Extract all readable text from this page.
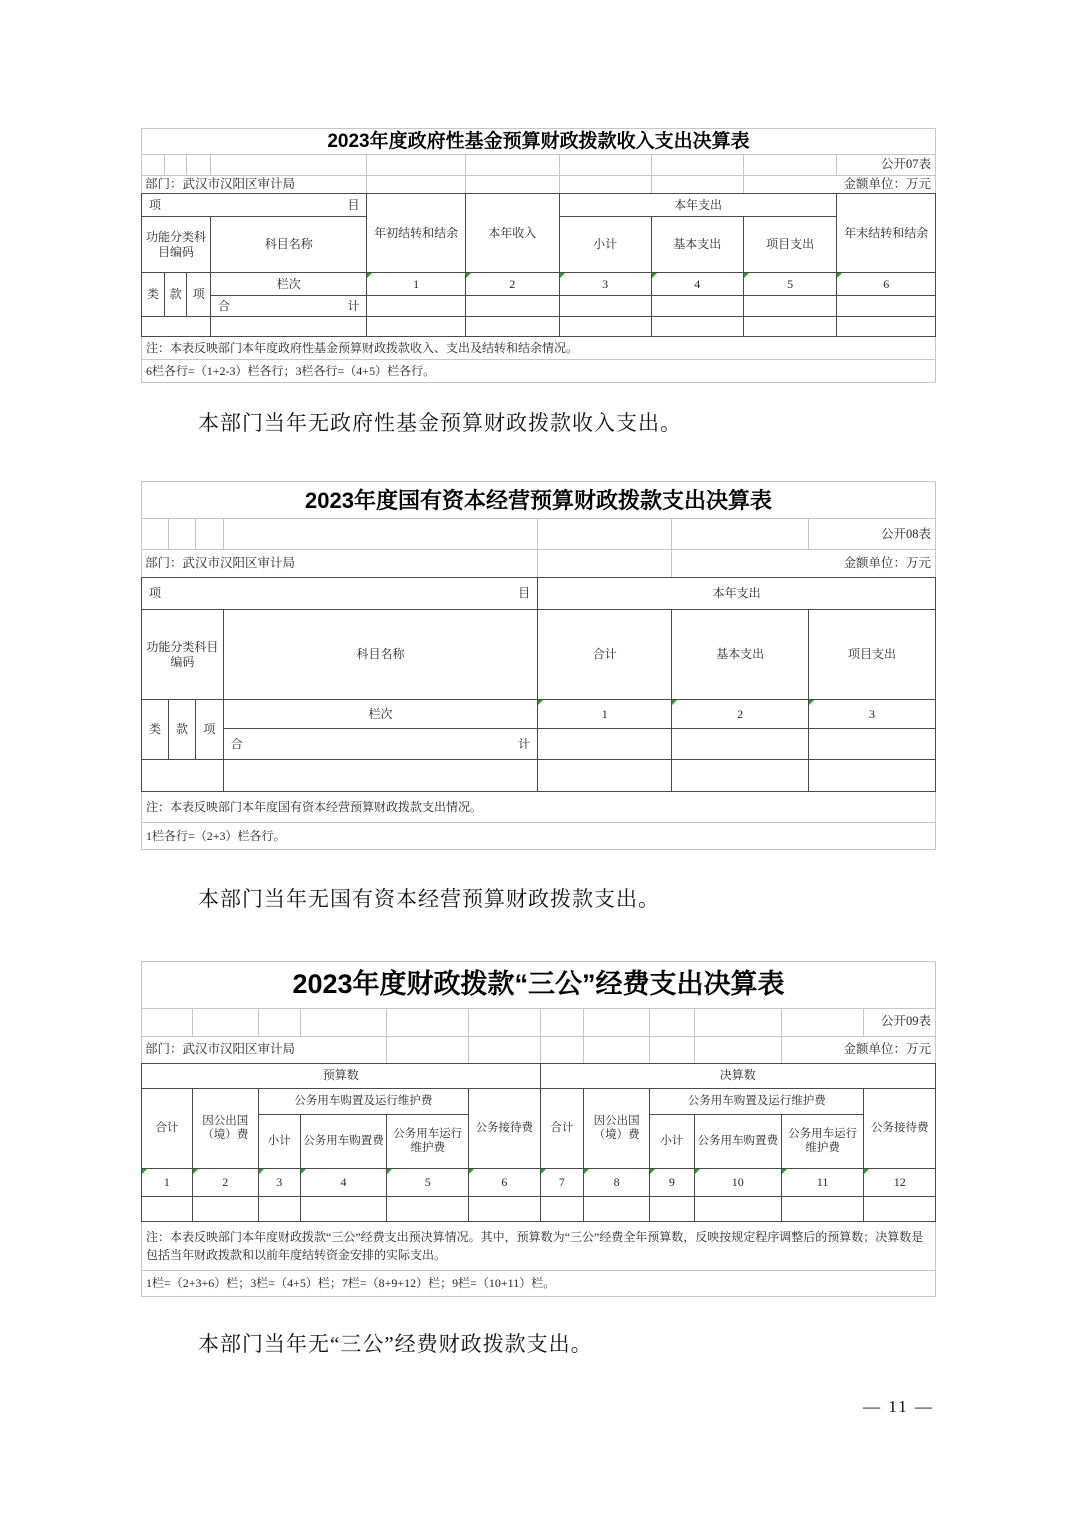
2023年度政府性基金预算财政拨款收入支出决算表									
									公开07表
部门：武汉市汉阳区审计局								金额单位：万元	

项 目				年初结转和结余	本年收入	本年支出			年末结转和结余
功能分类科目编码			科目名称			小计	基本支出	项目支出	
类	款	项	栏次	1	2	3	4	5	6

			合 计						

注：本表反映部门本年度政府性基金预算财政拨款收入、支出及结转和结余情况。									
6栏各行=（1+2-3）栏各行；3栏各行=（4+5）栏各行。									

本部门当年无政府性基金预算财政拨款收入支出。

2023年度国有资本经营预算财政拨款支出决算表						
						公开08表
部门：武汉市汉阳区审计局					金额单位：万元	

项 目				本年支出		
功能分类科目编码			科目名称	合计	基本支出	项目支出
类	款	项	栏次	1	2	3

			合 计			

注：本表反映部门本年度国有资本经营预算财政拨款支出情况。						
1栏各行=（2+3）栏各行。						

本部门当年无国有资本经营预算财政拨款支出。

2023年度财政拨款“三公”经费支出决算表											
											公开09表
部门：武汉市汉阳区审计局										金额单位：万元	
预算数						决算数					
合计	因公出国（境）费	公务用车购置及运行维护费			公务接待费	合计	因公出国（境）费	公务用车购置及运行维护费			公务接待费
		小计	公务用车购置费	公务用车运行维护费				小计	公务用车购置费	公务用车运行维护费	
1	2	3	4	5	6	7	8	9	10	11	12

注：本表反映部门本年度财政拨款“三公”经费支出预决算情况。其中，预算数为“三公”经费全年预算数，反映按规定程序调整后的预算数；决算数是包括当年财政拨款和以前年度结转资金安排的实际支出。											
1栏=（2+3+6）栏；3栏=（4+5）栏；7栏=（8+9+12）栏；9栏=（10+11）栏。											

本部门当年无“三公”经费财政拨款支出。

— 11 —
